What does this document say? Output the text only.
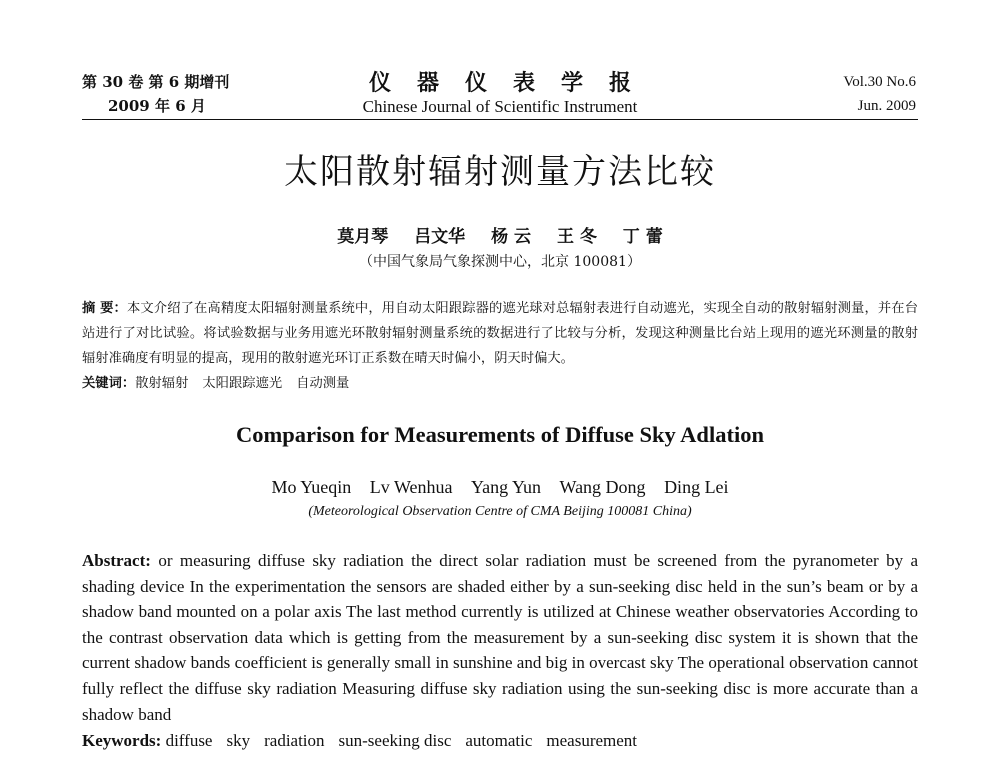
第 30 卷 第 6 期增刊
2009 年 6 月
仪器仪表学报
Chinese Journal of Scientific Instrument
Vol.30 No.6
Jun. 2009
太阳散射辐射测量方法比较
莫月琴 吕文华 杨 云 王 冬 丁 蕾
（中国气象局气象探测中心，北京 100081）
摘 要：本文介绍了在高精度太阳辐射测量系统中，用自动太阳跟踪器的遮光球对总辐射表进行自动遮光，实现全自动的散射辐射测量，并在台站进行了对比试验。将试验数据与业务用遮光环散射辐射测量系统的数据进行了比较与分析，发现这种测量比台站上现用的遮光环测量的散射辐射准确度有明显的提高，现用的散射遮光环订正系数在晴天时偏小，阴天时偏大。
关键词：散射辐射 太阳跟踪遮光 自动测量
Comparison for Measurements of Diffuse Sky Adlation
Mo Yueqin Lv Wenhua Yang Yun Wang Dong Ding Lei
(Meteorological Observation Centre of CMA Beijing 100081 China)
Abstract: or measuring diffuse sky radiation the direct solar radiation must be screened from the pyranometer by a shading device In the experimentation the sensors are shaded either by a sun-seeking disc held in the sun’s beam or by a shadow band mounted on a polar axis The last method currently is utilized at Chinese weather observatories According to the contrast observation data which is getting from the measurement by a sun-seeking disc system it is shown that the current shadow bands coefficient is generally small in sunshine and big in overcast sky The operational observation cannot fully reflect the diffuse sky radiation Measuring diffuse sky radiation using the sun-seeking disc is more accurate than a shadow band
Keywords: diffuse sky radiation sun-seeking disc automatic measurement
